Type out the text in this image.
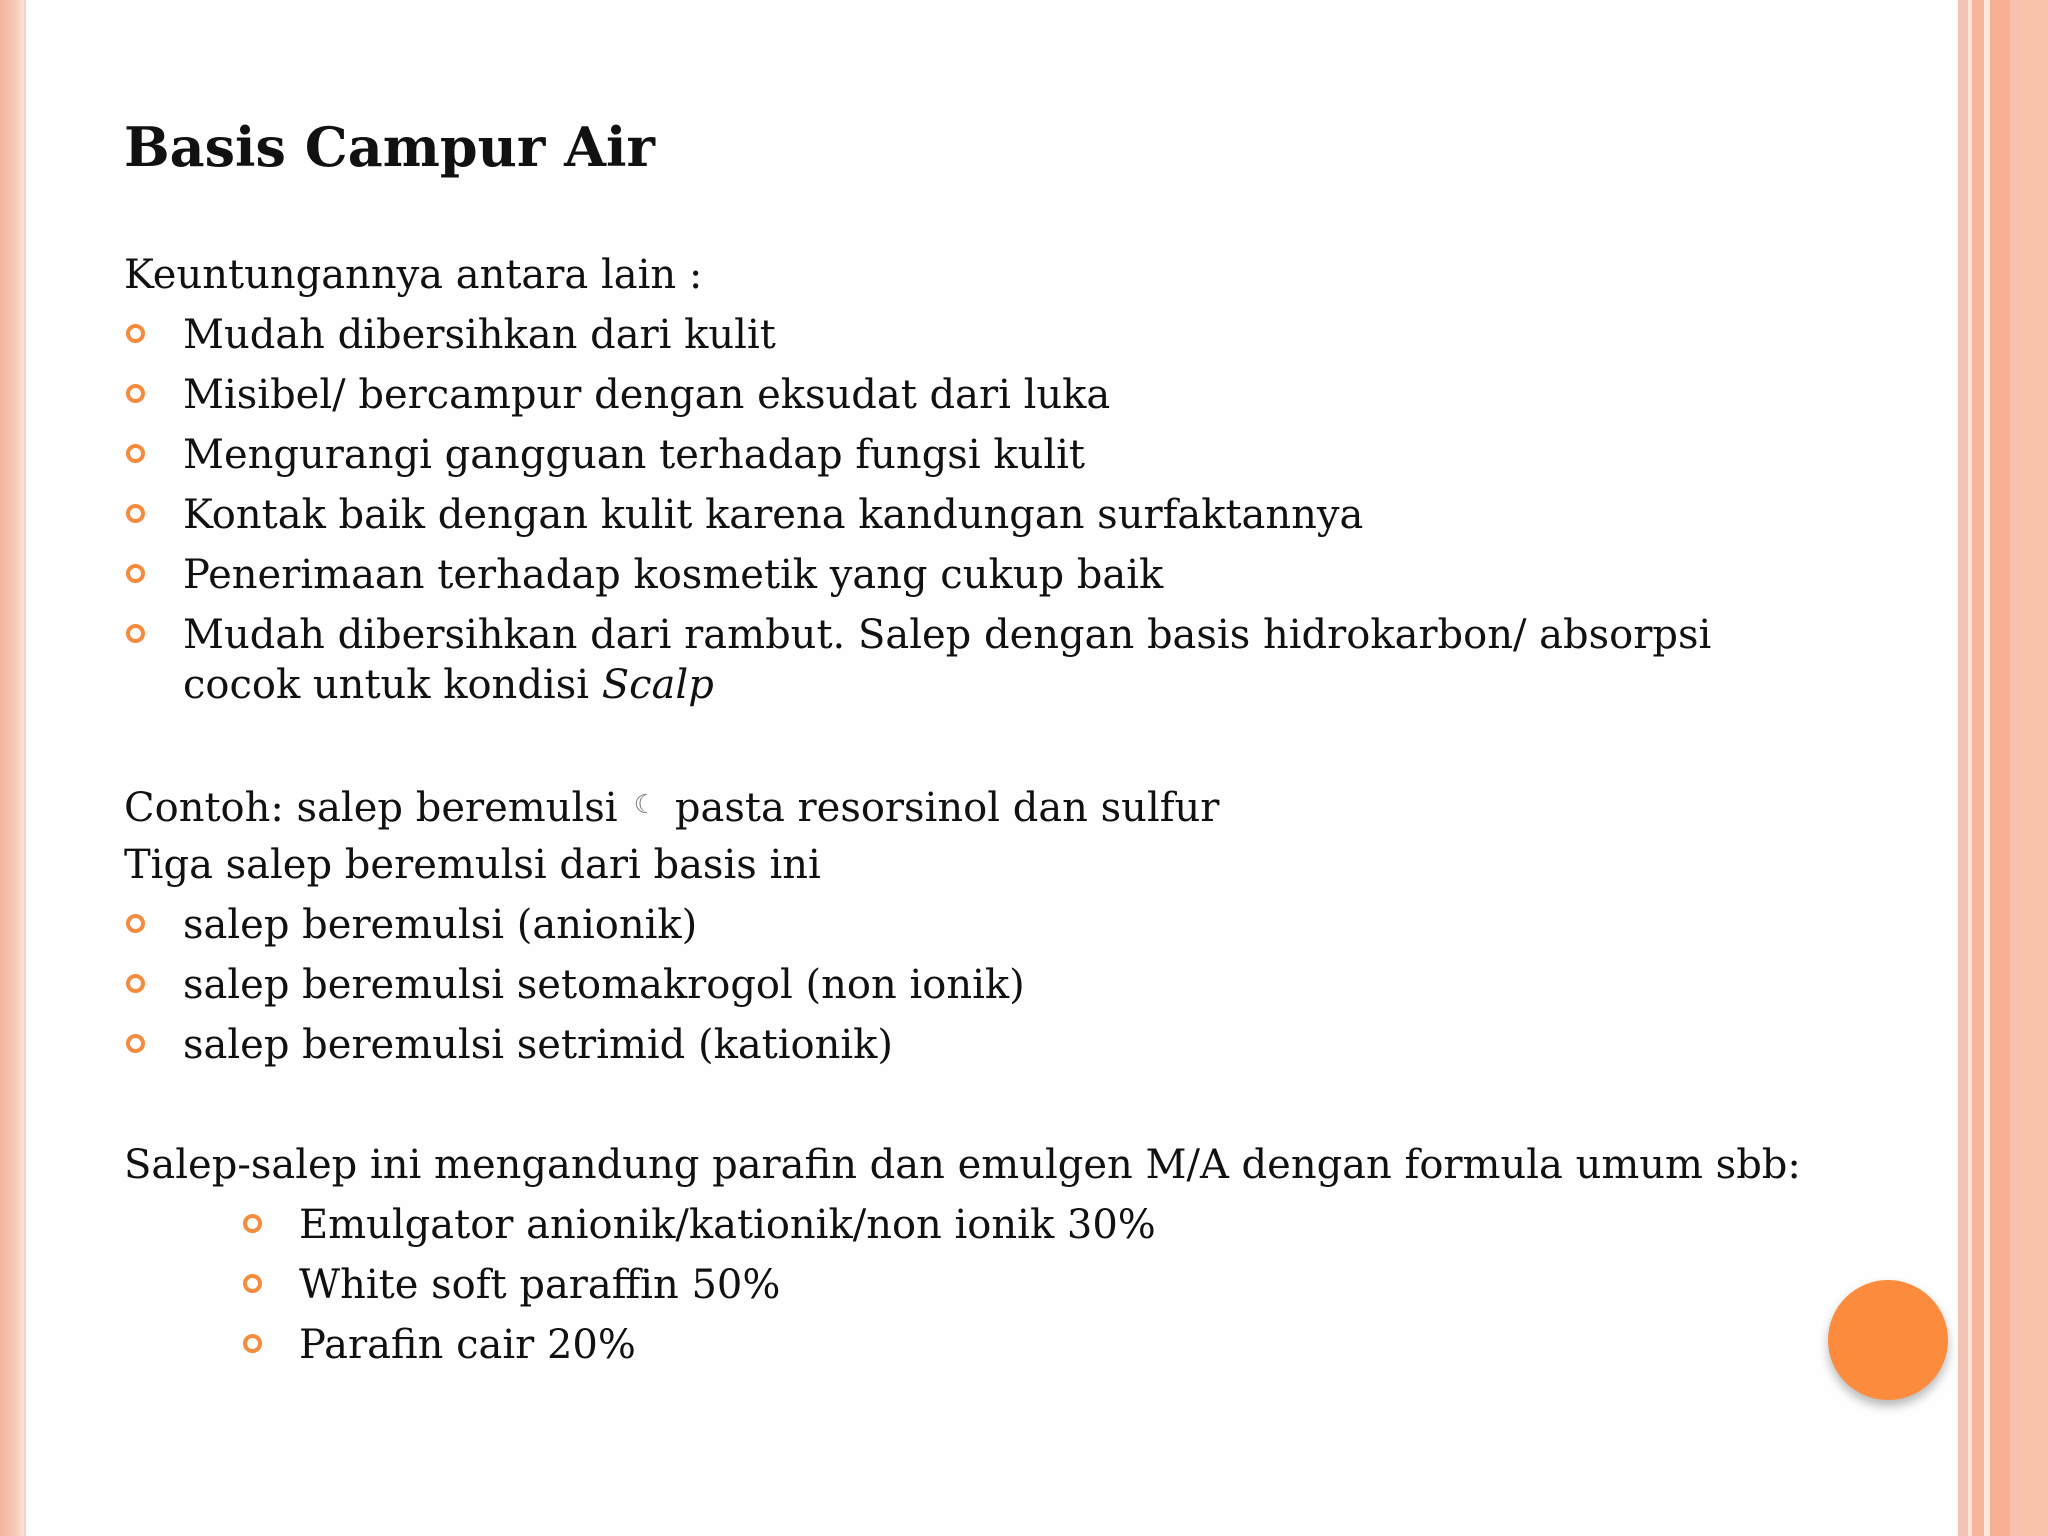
Basis Campur Air
Keuntungannya antara lain :
Mudah dibersihkan dari kulit
Misibel/ bercampur dengan eksudat dari luka
Mengurangi gangguan terhadap fungsi kulit
Kontak baik dengan kulit karena kandungan surfaktannya
Penerimaan terhadap kosmetik yang cukup baik
Mudah dibersihkan dari rambut. Salep dengan basis hidrokarbon/ absorpsi cocok untuk kondisi Scalp
Contoh: salep beremulsi ☾ pasta resorsinol dan sulfur
Tiga salep beremulsi dari basis ini
salep beremulsi (anionik)
salep beremulsi setomakrogol (non ionik)
salep beremulsi setrimid (kationik)
Salep-salep ini mengandung parafin dan emulgen M/A dengan formula umum sbb:
Emulgator anionik/kationik/non ionik 30%
White soft paraffin 50%
Parafin cair 20%
